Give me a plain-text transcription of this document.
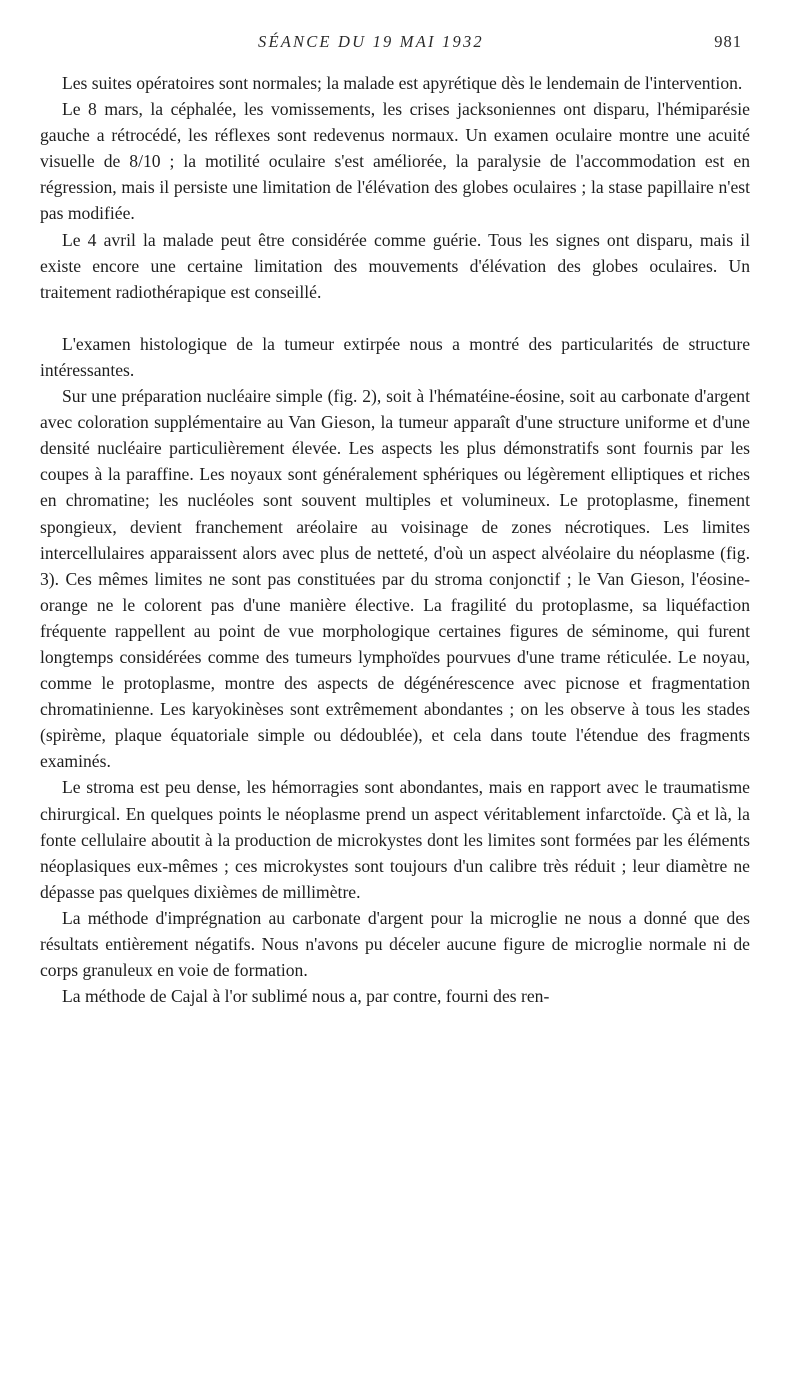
SÉANCE DU 19 MAI 1932	981

Les suites opératoires sont normales; la malade est apyrétique dès le lendemain de l'intervention.

Le 8 mars, la céphalée, les vomissements, les crises jacksoniennes ont disparu, l'hémiparésie gauche a rétrocédé, les réflexes sont redevenus normaux. Un examen oculaire montre une acuité visuelle de 8/10 ; la motilité oculaire s'est améliorée, la paralysie de l'accommodation est en régression, mais il persiste une limitation de l'élévation des globes oculaires ; la stase papillaire n'est pas modifiée.

Le 4 avril la malade peut être considérée comme guérie. Tous les signes ont disparu, mais il existe encore une certaine limitation des mouvements d'élévation des globes oculaires. Un traitement radiothérapique est conseillé.

L'examen histologique de la tumeur extirpée nous a montré des particularités de structure intéressantes.

Sur une préparation nucléaire simple (fig. 2), soit à l'hématéine-éosine, soit au carbonate d'argent avec coloration supplémentaire au Van Gieson, la tumeur apparaît d'une structure uniforme et d'une densité nucléaire particulièrement élevée. Les aspects les plus démonstratifs sont fournis par les coupes à la paraffine. Les noyaux sont généralement sphériques ou légèrement elliptiques et riches en chromatine; les nucléoles sont souvent multiples et volumineux. Le protoplasme, finement spongieux, devient franchement aréolaire au voisinage de zones nécrotiques. Les limites intercellulaires apparaissent alors avec plus de netteté, d'où un aspect alvéolaire du néoplasme (fig. 3). Ces mêmes limites ne sont pas constituées par du stroma conjonctif ; le Van Gieson, l'éosine-orange ne le colorent pas d'une manière élective. La fragilité du protoplasme, sa liquéfaction fréquente rappellent au point de vue morphologique certaines figures de séminome, qui furent longtemps considérées comme des tumeurs lymphoïdes pourvues d'une trame réticulée. Le noyau, comme le protoplasme, montre des aspects de dégénérescence avec picnose et fragmentation chromatinienne. Les karyokinèses sont extrêmement abondantes ; on les observe à tous les stades (spirème, plaque équatoriale simple ou dédoublée), et cela dans toute l'étendue des fragments examinés.

Le stroma est peu dense, les hémorragies sont abondantes, mais en rapport avec le traumatisme chirurgical. En quelques points le néoplasme prend un aspect véritablement infarctoïde. Çà et là, la fonte cellulaire aboutit à la production de microkystes dont les limites sont formées par les éléments néoplasiques eux-mêmes ; ces microkystes sont toujours d'un calibre très réduit ; leur diamètre ne dépasse pas quelques dixièmes de millimètre.

La méthode d'imprégnation au carbonate d'argent pour la microglie ne nous a donné que des résultats entièrement négatifs. Nous n'avons pu déceler aucune figure de microglie normale ni de corps granuleux en voie de formation.

La méthode de Cajal à l'or sublimé nous a, par contre, fourni des ren-
